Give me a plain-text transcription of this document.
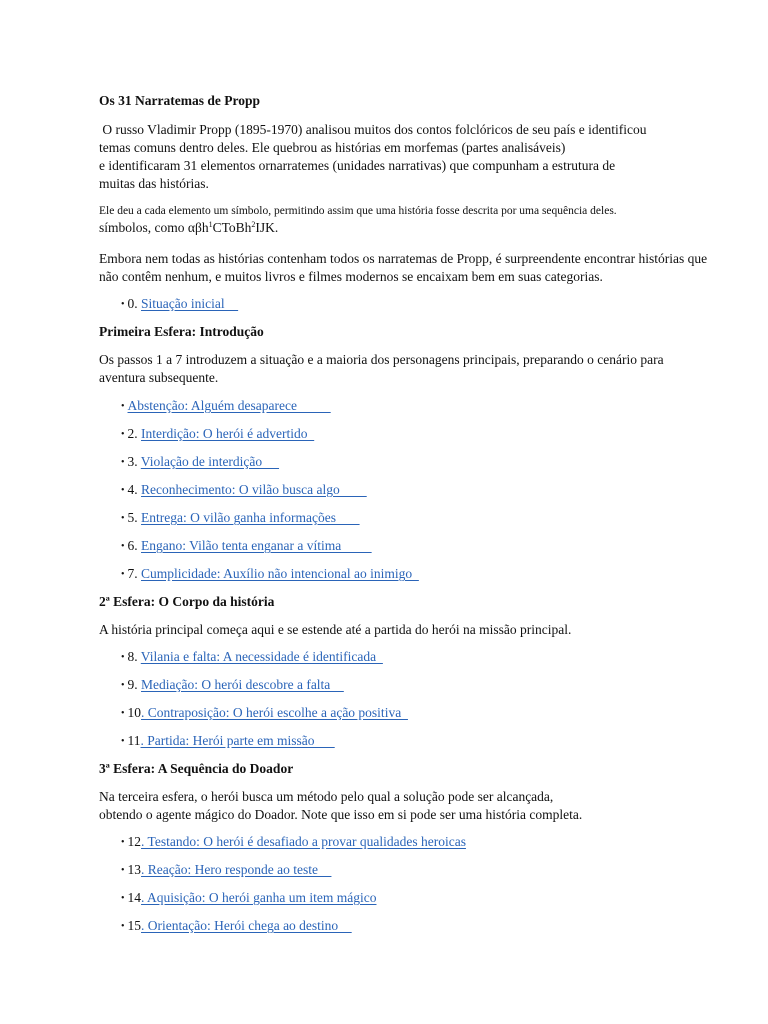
Os 31 Narratemas de Propp

O russo Vladimir Propp (1895-1970) analisou muitos dos contos folclóricos de seu país e identificou

temas comuns dentro deles. Ele quebrou as histórias em morfemas (partes analisáveis)

e identificaram 31 elementos ornarratemes (unidades narrativas) que compunham a estrutura de

muitas das histórias.

Ele deu a cada elemento um símbolo, permitindo assim que uma história fosse descrita por uma sequência deles.

símbolos, como αβh$^1$CToBh$^2$IJK.

Embora nem todas as histórias contenham todos os narratemas de Propp, é surpreendente encontrar histórias que

não contêm nenhum, e muitos livros e filmes modernos se encaixam bem em suas categorias.

• 0. Situação inicial

Primeira Esfera: Introdução

Os passos 1 a 7 introduzem a situação e a maioria dos personagens principais, preparando o cenário para

aventura subsequente.

• Abstenção: Alguém desaparece
• 2. Interdição: O herói é advertido
• 3. Violação de interdição
• 4. Reconhecimento: O vilão busca algo
• 5. Entrega: O vilão ganha informações
• 6. Engano: Vilão tenta enganar a vítima
• 7. Cumplicidade: Auxílio não intencional ao inimigo

2ª Esfera: O Corpo da história

A história principal começa aqui e se estende até a partida do herói na missão principal.

• 8. Vilania e falta: A necessidade é identificada
• 9. Mediação: O herói descobre a falta
• 10. Contraposição: O herói escolhe a ação positiva
• 11. Partida: Herói parte em missão

3ª Esfera: A Sequência do Doador

Na terceira esfera, o herói busca um método pelo qual a solução pode ser alcançada,

obtendo o agente mágico do Doador. Note que isso em si pode ser uma história completa.

• 12. Testando: O herói é desafiado a provar qualidades heroicas
• 13. Reação: Hero responde ao teste
• 14. Aquisição: O herói ganha um item mágico
• 15. Orientação: Herói chega ao destino
